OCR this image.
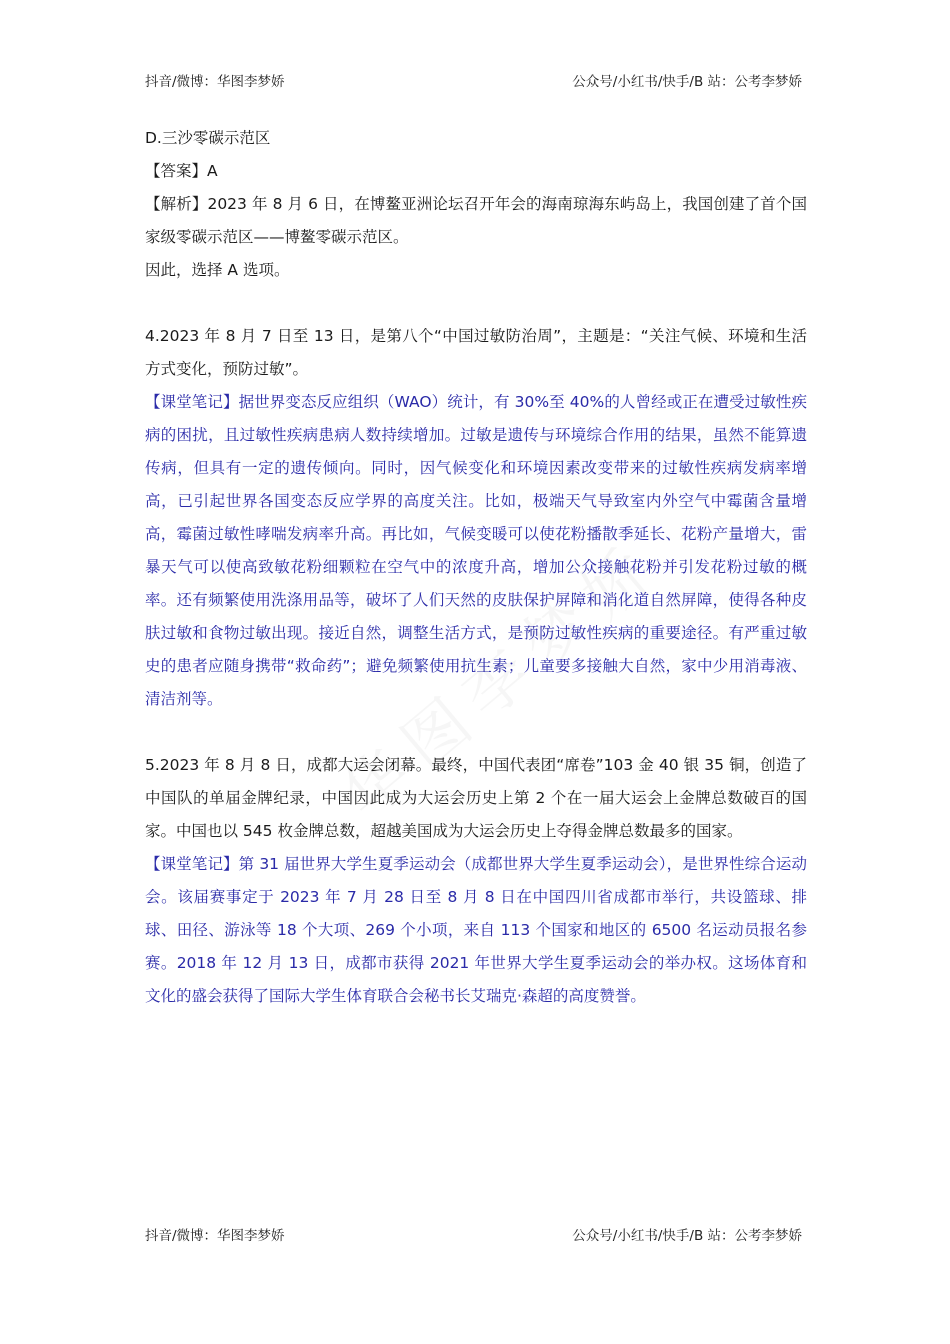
抖音/微博：华图李梦娇	公众号/小红书/快手/B 站：公考李梦娇

D.三沙零碳示范区

【答案】A

【解析】2023 年 8 月 6 日，在博鳌亚洲论坛召开年会的海南琼海东屿岛上，我国创建了首个国家级零碳示范区——博鳌零碳示范区。

因此，选择 A 选项。

4.2023 年 8 月 7 日至 13 日，是第八个“中国过敏防治周”，主题是：“关注气候、环境和生活方式变化，预防过敏”。

【课堂笔记】据世界变态反应组织（WAO）统计，有 30%至 40%的人曾经或正在遭受过敏性疾病的困扰，且过敏性疾病患病人数持续增加。过敏是遗传与环境综合作用的结果，虽然不能算遗传病，但具有一定的遗传倾向。同时，因气候变化和环境因素改变带来的过敏性疾病发病率增高，已引起世界各国变态反应学界的高度关注。比如，极端天气导致室内外空气中霉菌含量增高，霉菌过敏性哮喘发病率升高。再比如，气候变暖可以使花粉播散季延长、花粉产量增大，雷暴天气可以使高致敏花粉细颗粒在空气中的浓度升高，增加公众接触花粉并引发花粉过敏的概率。还有频繁使用洗涤用品等，破坏了人们天然的皮肤保护屏障和消化道自然屏障，使得各种皮肤过敏和食物过敏出现。接近自然，调整生活方式，是预防过敏性疾病的重要途径。有严重过敏史的患者应随身携带“救命药”；避免频繁使用抗生素；儿童要多接触大自然，家中少用消毒液、清洁剂等。

5.2023 年 8 月 8 日，成都大运会闭幕。最终，中国代表团“席卷”103 金 40 银 35 铜，创造了中国队的单届金牌纪录，中国因此成为大运会历史上第 2 个在一届大运会上金牌总数破百的国家。中国也以 545 枚金牌总数，超越美国成为大运会历史上夺得金牌总数最多的国家。

【课堂笔记】第 31 届世界大学生夏季运动会（成都世界大学生夏季运动会），是世界性综合运动会。该届赛事定于 2023 年 7 月 28 日至 8 月 8 日在中国四川省成都市举行，共设篮球、排球、田径、游泳等 18 个大项、269 个小项，来自 113 个国家和地区的 6500 名运动员报名参赛。2018 年 12 月 13 日，成都市获得 2021 年世界大学生夏季运动会的举办权。这场体育和文化的盛会获得了国际大学生体育联合会秘书长艾瑞克·森超的高度赞誉。

抖音/微博：华图李梦娇	公众号/小红书/快手/B 站：公考李梦娇
